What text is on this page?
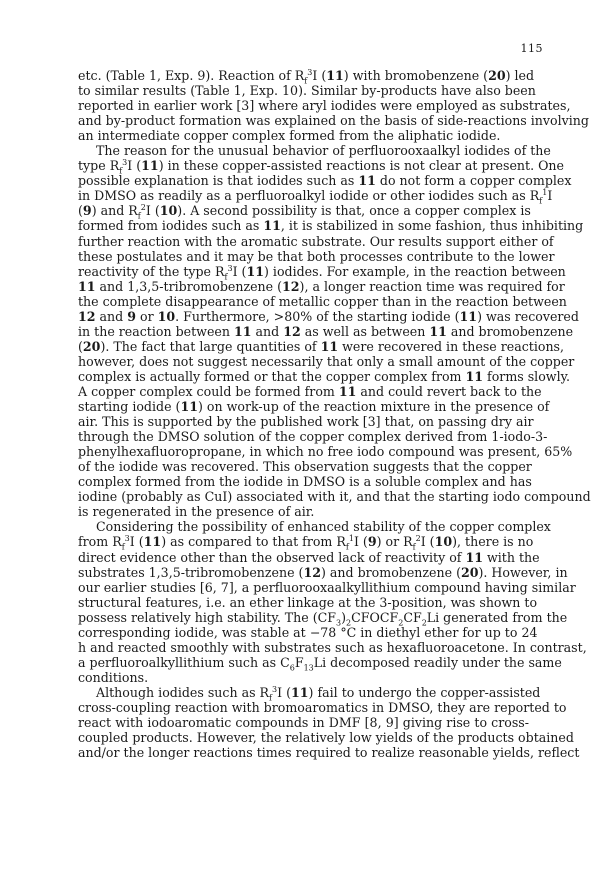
115
etc. (Table 1, Exp. 9). Reaction of $R_f^3I$ (11) with bromobenzene (20) led
to similar results (Table 1, Exp. 10). Similar by-products have also been
reported in earlier work [3] where aryl iodides were employed as substrates,
and by-product formation was explained on the basis of side-reactions involving
an intermediate copper complex formed from the aliphatic iodide.
The reason for the unusual behavior of perfluorooxaalkyl iodides of the
type $R_f^3I$ (11) in these copper-assisted reactions is not clear at present. One
possible explanation is that iodides such as 11 do not form a copper complex
in DMSO as readily as a perfluoroalkyl iodide or other iodides such as $R_f^1I$
(9) and $R_f^2I$ (10). A second possibility is that, once a copper complex is
formed from iodides such as 11, it is stabilized in some fashion, thus inhibiting
further reaction with the aromatic substrate. Our results support either of
these postulates and it may be that both processes contribute to the lower
reactivity of the type $R_f^3I$ (11) iodides. For example, in the reaction between
11 and 1,3,5-tribromobenzene (12), a longer reaction time was required for
the complete disappearance of metallic copper than in the reaction between
12 and 9 or 10. Furthermore, >80% of the starting iodide (11) was recovered
in the reaction between 11 and 12 as well as between 11 and bromobenzene
(20). The fact that large quantities of 11 were recovered in these reactions,
however, does not suggest necessarily that only a small amount of the copper
complex is actually formed or that the copper complex from 11 forms slowly.
A copper complex could be formed from 11 and could revert back to the
starting iodide (11) on work-up of the reaction mixture in the presence of
air. This is supported by the published work [3] that, on passing dry air
through the DMSO solution of the copper complex derived from 1-iodo-3-
phenylhexafluoropropane, in which no free iodo compound was present, 65%
of the iodide was recovered. This observation suggests that the copper
complex formed from the iodide in DMSO is a soluble complex and has
iodine (probably as CuI) associated with it, and that the starting iodo compound
is regenerated in the presence of air.
Considering the possibility of enhanced stability of the copper complex
from $R_f^3I$ (11) as compared to that from $R_f^1I$ (9) or $R_f^2I$ (10), there is no
direct evidence other than the observed lack of reactivity of 11 with the
substrates 1,3,5-tribromobenzene (12) and bromobenzene (20). However, in
our earlier studies [6, 7], a perfluorooxaalkyllithium compound having similar
structural features, i.e. an ether linkage at the 3-position, was shown to
possess relatively high stability. The $(CF_3)_2CFOCF_2CF_2Li$ generated from the
corresponding iodide, was stable at −78 °C in diethyl ether for up to 24
h and reacted smoothly with substrates such as hexafluoroacetone. In contrast,
a perfluoroalkyllithium such as $C_6F_{13}Li$ decomposed readily under the same
conditions.
Although iodides such as $R_f^3I$ (11) fail to undergo the copper-assisted
cross-coupling reaction with bromoaromatics in DMSO, they are reported to
react with iodoaromatic compounds in DMF [8, 9] giving rise to cross-
coupled products. However, the relatively low yields of the products obtained
and/or the longer reactions times required to realize reasonable yields, reflect
